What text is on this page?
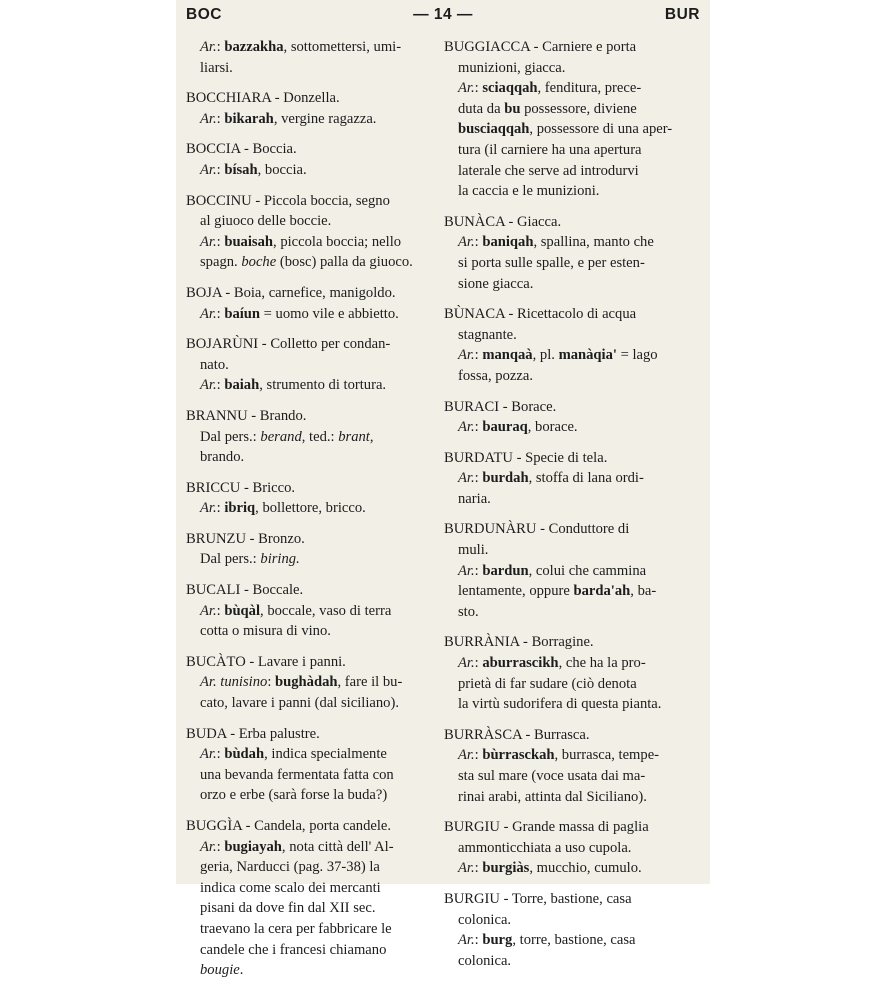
BOC	— 14 —	BUR

Ar.: bazzakha, sottomettersi, umi-

liarsi.

BOCCHIARA - Donzella.

Ar.: bikarah, vergine ragazza.

BOCCIA - Boccia.

Ar.: bísah, boccia.

BOCCINU - Piccola boccia, segno

al giuoco delle boccie.

Ar.: buaisah, piccola boccia; nello

spagn. boche (bosc) palla da giuoco.

BOJA - Boia, carnefice, manigoldo.

Ar.: baíun = uomo vile e abbietto.

BOJARÙNI - Colletto per condan-

nato.

Ar.: baiah, strumento di tortura.

BRANNU - Brando.

Dal pers.: berand, ted.: brant,

brando.

BRICCU - Bricco.

Ar.: ibriq, bollettore, bricco.

BRUNZU - Bronzo.

Dal pers.: biring.

BUCALI - Boccale.

Ar.: bùqàl, boccale, vaso di terra

cotta o misura di vino.

BUCÀTO - Lavare i panni.

Ar. tunisino: bughàdah, fare il bu-

cato, lavare i panni (dal siciliano).

BUDA - Erba palustre.

Ar.: bùdah, indica specialmente

una bevanda fermentata fatta con

orzo e erbe (sarà forse la buda?)

BUGGÌA - Candela, porta candele.

Ar.: bugiayah, nota città dell' Al-

geria, Narducci (pag. 37-38) la

indica come scalo dei mercanti

pisani da dove fin dal XII sec.

traevano la cera per fabbricare le

candele che i francesi chiamano

bougie.

BUGGIACCA - Carniere e porta

munizioni, giacca.

Ar.: sciaqqah, fenditura, prece-

duta da bu possessore, diviene

busciaqqah, possessore di una aper-

tura (il carniere ha una apertura

laterale che serve ad introdurvi

la caccia e le munizioni.

BUNÀCA - Giacca.

Ar.: baniqah, spallina, manto che

si porta sulle spalle, e per esten-

sione giacca.

BÙNACA - Ricettacolo di acqua

stagnante.

Ar.: manqaà, pl. manàqia' = lago

fossa, pozza.

BURACI - Borace.

Ar.: bauraq, borace.

BURDATU - Specie di tela.

Ar.: burdah, stoffa di lana ordi-

naria.

BURDUNÀRU - Conduttore di

muli.

Ar.: bardun, colui che cammina

lentamente, oppure barda'ah, ba-

sto.

BURRÀNIA - Borragine.

Ar.: aburrascikh, che ha la pro-

prietà di far sudare (ciò denota

la virtù sudorifera di questa pianta.

BURRÀSCA - Burrasca.

Ar.: bùrrasckah, burrasca, tempe-

sta sul mare (voce usata dai ma-

rinai arabi, attinta dal Siciliano).

BURGIU - Grande massa di paglia

ammonticchiata a uso cupola.

Ar.: burgiàs, mucchio, cumulo.

BURGIU - Torre, bastione, casa

colonica.

Ar.: burg, torre, bastione, casa

colonica.
